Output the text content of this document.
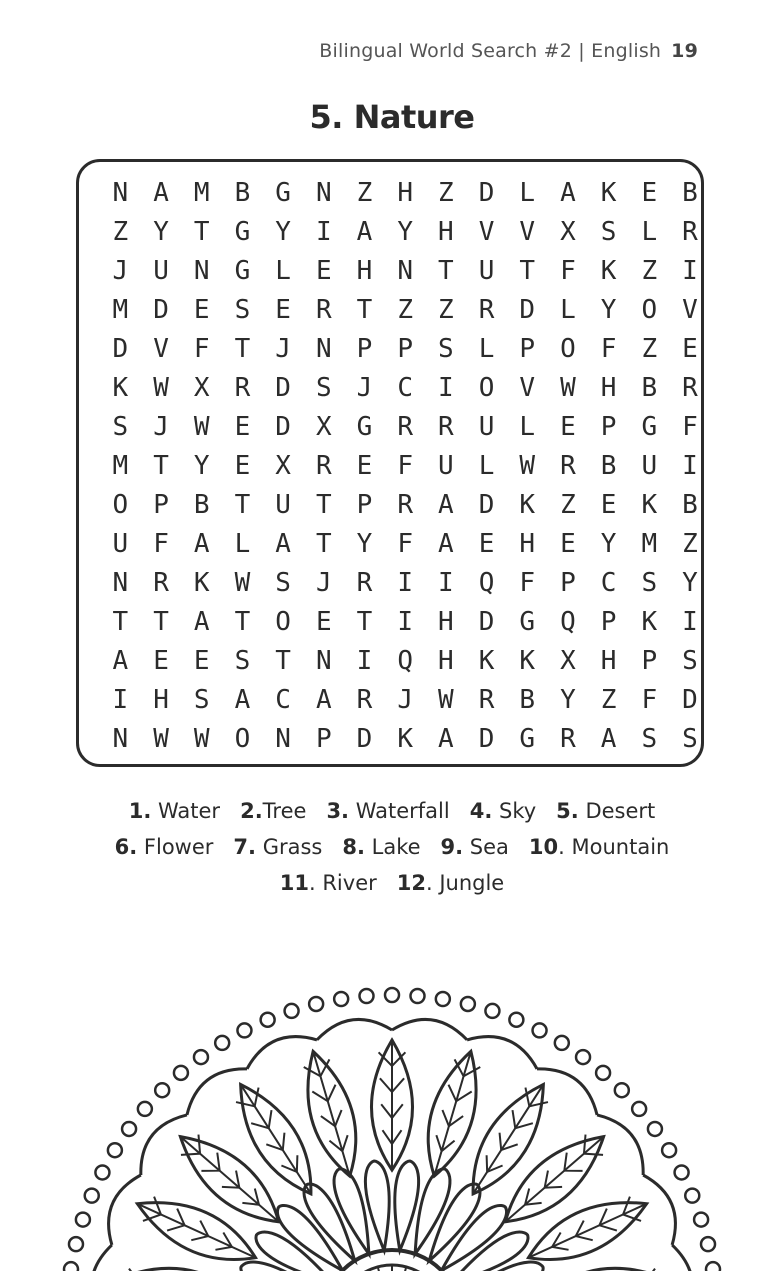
Bilingual World Search #2 | English 19
5. Nature
N A M B G N Z H Z D L A K E B
Z Y T G Y I A Y H V V X S L R
J U N G L E H N T U T F K Z I
M D E S E R T Z Z R D L Y O V
D V F T J N P P S L P O F Z E
K W X R D S J C I O V W H B R
S J W E D X G R R U L E P G F
M T Y E X R E F U L W R B U I
O P B T U T P R A D K Z E K B
U F A L A T Y F A E H E Y M Z
N R K W S J R I I Q F P C S Y
T T A T O E T I H D G Q P K I
A E E S T N I Q H K K X H P S
I H S A C A R J W R B Y Z F D
N W W O N P D K A D G R A S S
1. Water 2.Tree 3. Waterfall 4. Sky 5. Desert
6. Flower 7. Grass 8. Lake 9. Sea 10. Mountain
11. River 12. Jungle
